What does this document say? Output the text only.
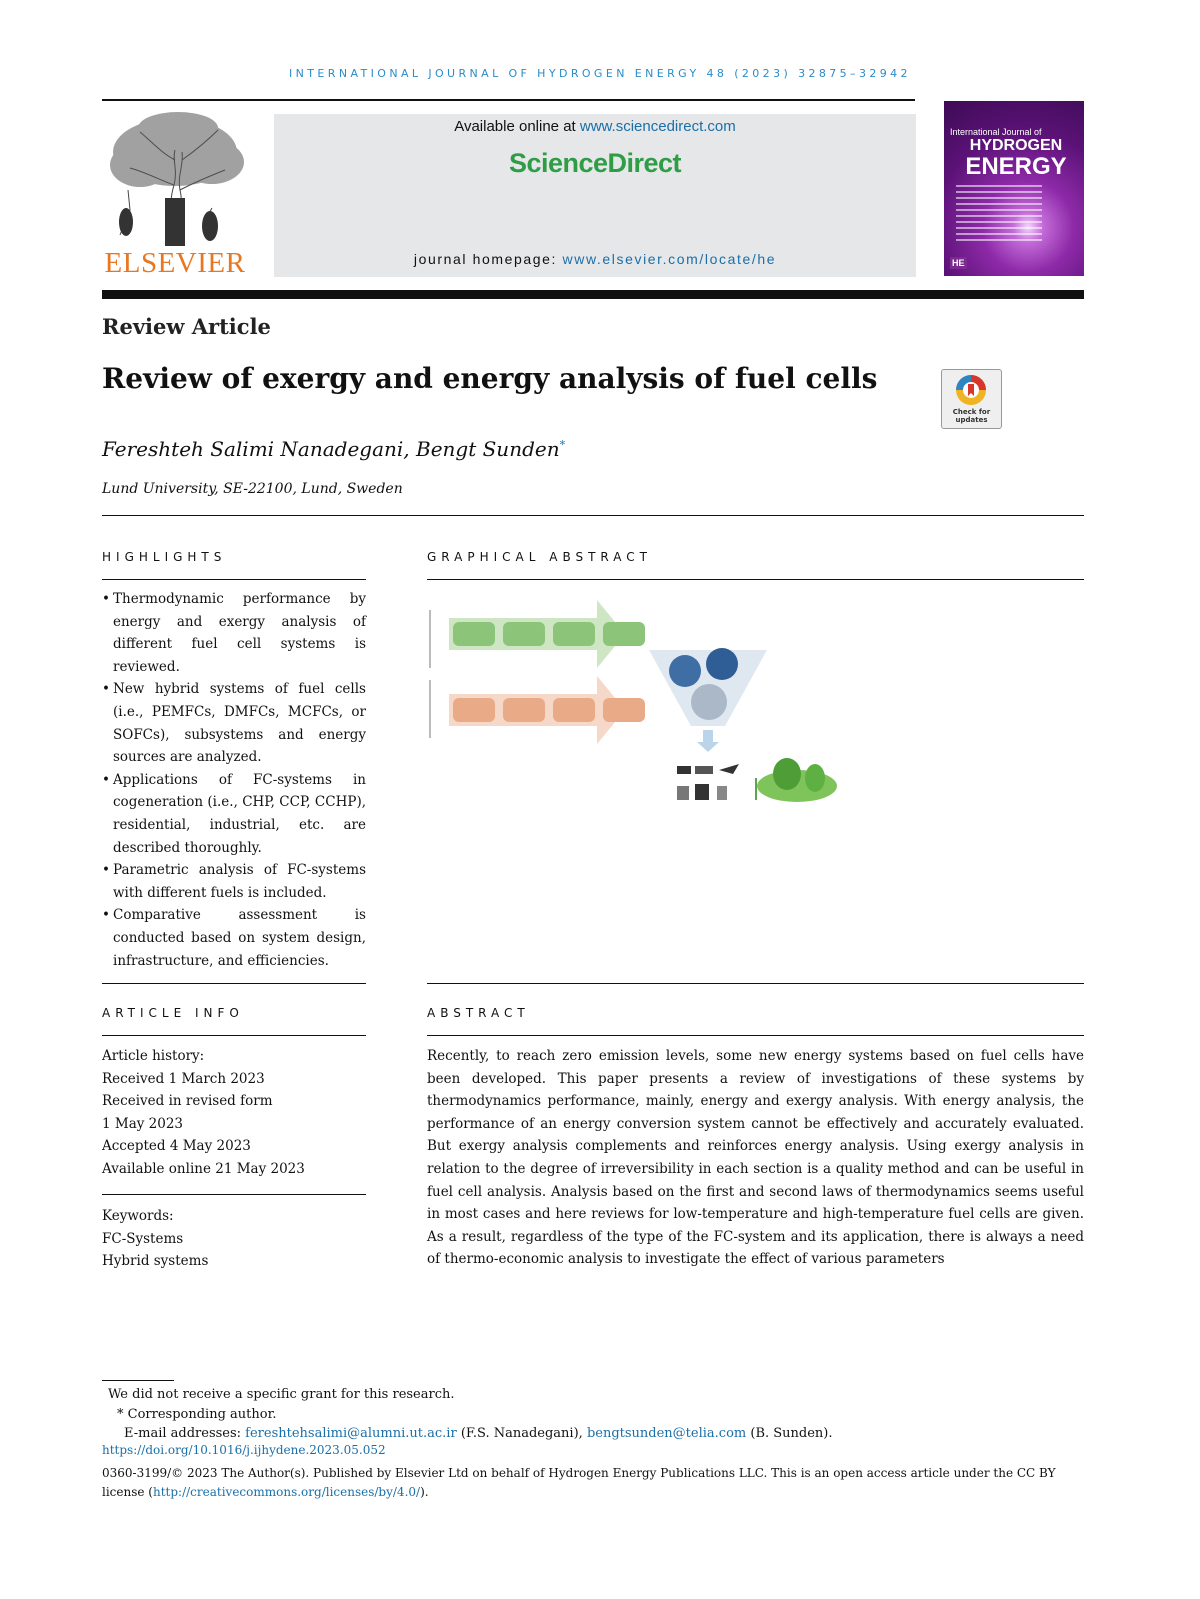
INTERNATIONAL JOURNAL OF HYDROGEN ENERGY 48 (2023) 32875–32942
ELSEVIER
Available online at www.sciencedirect.com
ScienceDirect
journal homepage: www.elsevier.com/locate/he
International Journal of
HYDROGEN
ENERGY
HE
Review Article
Review of exergy and energy analysis of fuel cells
Check for
updates
Fereshteh Salimi Nanadegani, Bengt Sunden*
Lund University, SE-22100, Lund, Sweden
HIGHLIGHTS
• Thermodynamic performance by energy and exergy analysis of different fuel cell systems is reviewed.
• New hybrid systems of fuel cells (i.e., PEMFCs, DMFCs, MCFCs, or SOFCs), subsystems and energy sources are analyzed.
• Applications of FC-systems in cogeneration (i.e., CHP, CCP, CCHP), residential, industrial, etc. are described thoroughly.
• Parametric analysis of FC-systems with different fuels is included.
• Comparative assessment is conducted based on system design, infrastructure, and efficiencies.
GRAPHICAL ABSTRACT
ARTICLE INFO
Article history:
Received 1 March 2023
Received in revised form
1 May 2023
Accepted 4 May 2023
Available online 21 May 2023
Keywords:
FC-Systems
Hybrid systems
ABSTRACT

Recently, to reach zero emission levels, some new energy systems based on fuel cells have been developed. This paper presents a review of investigations of these systems by thermodynamics performance, mainly, energy and exergy analysis. With energy analysis, the performance of an energy conversion system cannot be effectively and accurately evaluated. But exergy analysis complements and reinforces energy analysis. Using exergy analysis in relation to the degree of irreversibility in each section is a quality method and can be useful in fuel cell analysis. Analysis based on the first and second laws of thermodynamics seems useful in most cases and here reviews for low-temperature and high-temperature fuel cells are given. As a result, regardless of the type of the FC-system and its application, there is always a need of thermo-economic analysis to investigate the effect of various parameters

We did not receive a specific grant for this research.
* Corresponding author.
E-mail addresses: fereshtehsalimi@alumni.ut.ac.ir (F.S. Nanadegani), bengtsunden@telia.com (B. Sunden).
https://doi.org/10.1016/j.ijhydene.2023.05.052
0360-3199/© 2023 The Author(s). Published by Elsevier Ltd on behalf of Hydrogen Energy Publications LLC. This is an open access article under the CC BY license (http://creativecommons.org/licenses/by/4.0/).
